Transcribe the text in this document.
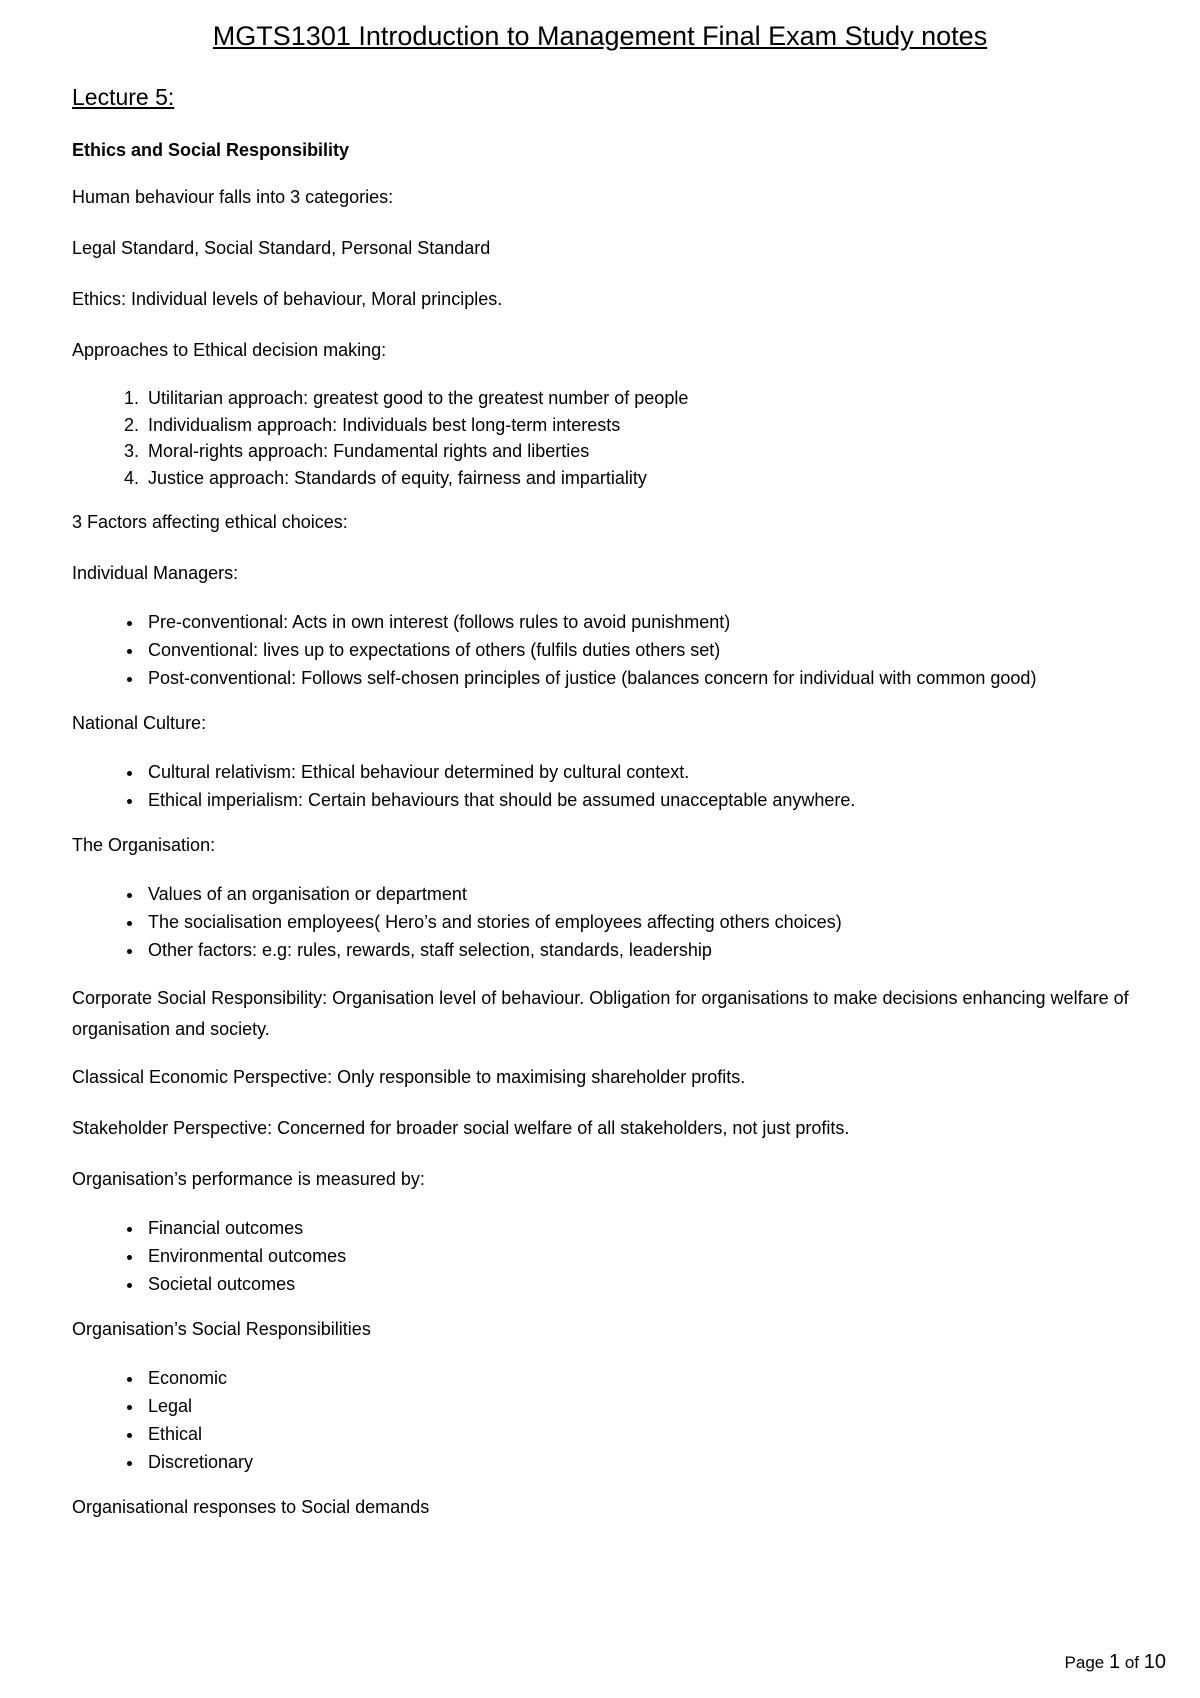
MGTS1301 Introduction to Management Final Exam Study notes
Lecture 5:
Ethics and Social Responsibility

Human behaviour falls into 3 categories:

Legal Standard, Social Standard, Personal Standard

Ethics: Individual levels of behaviour, Moral principles.

Approaches to Ethical decision making:

1. Utilitarian approach: greatest good to the greatest number of people
2. Individualism approach: Individuals best long-term interests
3. Moral-rights approach: Fundamental rights and liberties
4. Justice approach: Standards of equity, fairness and impartiality

3 Factors affecting ethical choices:

Individual Managers:

• Pre-conventional: Acts in own interest (follows rules to avoid punishment)
• Conventional: lives up to expectations of others (fulfils duties others set)
• Post-conventional: Follows self-chosen principles of justice (balances concern for individual with common good)

National Culture:

• Cultural relativism: Ethical behaviour determined by cultural context.
• Ethical imperialism: Certain behaviours that should be assumed unacceptable anywhere.

The Organisation:

• Values of an organisation or department
• The socialisation employees( Hero’s and stories of employees affecting others choices)
• Other factors: e.g: rules, rewards, staff selection, standards, leadership

Corporate Social Responsibility: Organisation level of behaviour. Obligation for organisations to make decisions enhancing welfare of organisation and society.

Classical Economic Perspective: Only responsible to maximising shareholder profits.

Stakeholder Perspective: Concerned for broader social welfare of all stakeholders, not just profits.

Organisation’s performance is measured by:

• Financial outcomes
• Environmental outcomes
• Societal outcomes

Organisation’s Social Responsibilities

• Economic
• Legal
• Ethical
• Discretionary

Organisational responses to Social demands

Page 1 of 10
